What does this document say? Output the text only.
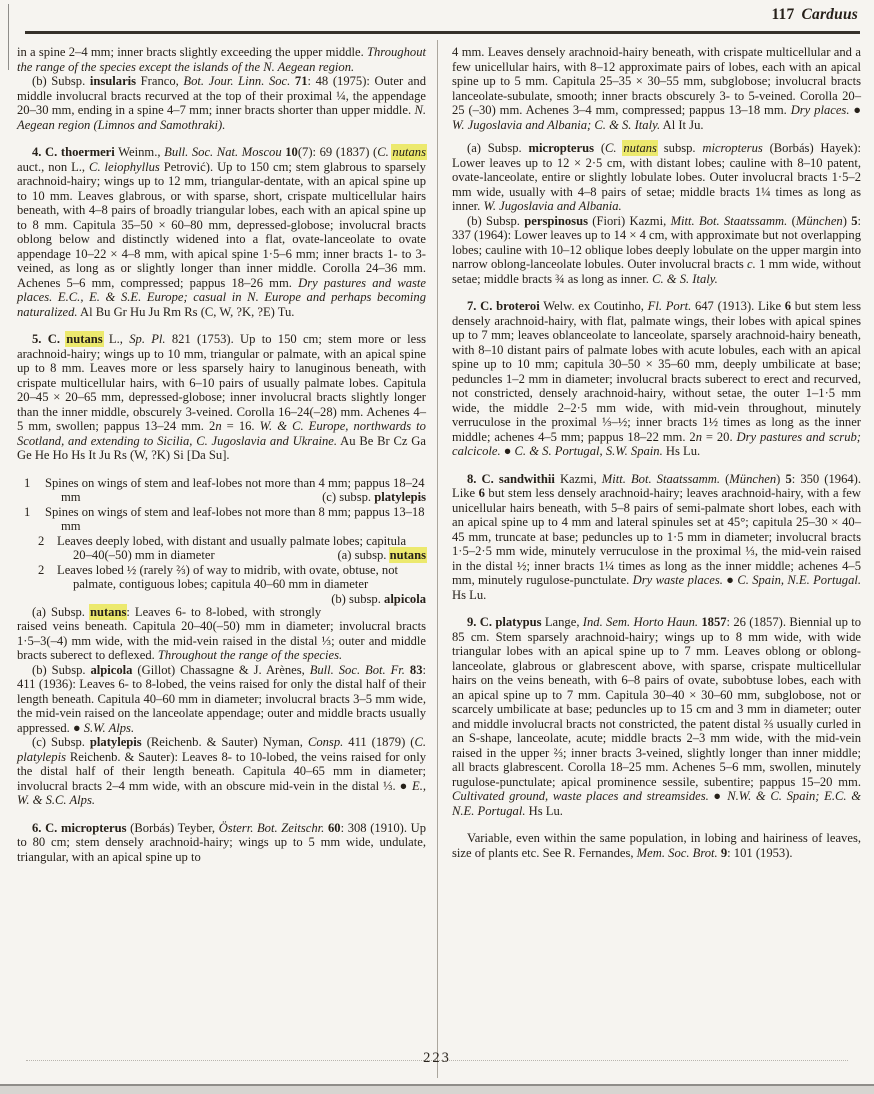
117 Carduus

in a spine 2–4 mm; inner bracts slightly exceeding the upper middle. Throughout the range of the species except the islands of the N. Aegean region.

(b) Subsp. insularis Franco, Bot. Jour. Linn. Soc. 71: 48 (1975): Outer and middle involucral bracts recurved at the top of their proximal ¼, the appendage 20–30 mm, ending in a spine 4–7 mm; inner bracts shorter than upper middle. N. Aegean region (Limnos and Samothraki).

4. C. thoermeri Weinm., Bull. Soc. Nat. Moscou 10(7): 69 (1837) (C. nutans auct., non L., C. leiophyllus Petrović). Up to 150 cm; stem glabrous to sparsely arachnoid-hairy; wings up to 12 mm, triangular-dentate, with an apical spine up to 10 mm. Leaves glabrous, or with sparse, short, crispate multicellular hairs beneath, with 4–8 pairs of broadly triangular lobes, each with an apical spine up to 8 mm. Capitula 35–50 × 60–80 mm, depressed-globose; involucral bracts oblong below and distinctly widened into a flat, ovate-lanceolate to ovate appendage 10–22 × 4–8 mm, with apical spine 1·5–6 mm; inner bracts 1- to 3-veined, as long as or slightly longer than inner middle. Corolla 24–36 mm. Achenes 5–6 mm, compressed; pappus 18–26 mm. Dry pastures and waste places. E.C., E. & S.E. Europe; casual in N. Europe and perhaps becoming naturalized. Al Bu Gr Hu Ju Rm Rs (C, W, ?K, ?E) Tu.

5. C. nutans L., Sp. Pl. 821 (1753). Up to 150 cm; stem more or less arachnoid-hairy; wings up to 10 mm, triangular or palmate, with an apical spine up to 8 mm. Leaves more or less sparsely hairy to lanuginous beneath, with crispate multicellular hairs, with 6–10 pairs of usually palmate lobes. Capitula 20–45 × 20–65 mm, depressed-globose; inner involucral bracts slightly longer than the inner middle, obscurely 3-veined. Corolla 16–24(–28) mm. Achenes 4–5 mm, swollen; pappus 13–24 mm. 2n = 16. W. & C. Europe, northwards to Scotland, and extending to Sicilia, C. Jugoslavia and Ukraine. Au Be Br Cz Ga Ge He Ho Hs It Ju Rs (W, ?K) Si [Da Su].

1 Spines on wings of stem and leaf-lobes not more than 4 mm; pappus 18–24 mm	(c) subsp. platylepis
1 Spines on wings of stem and leaf-lobes not more than 8 mm; pappus 13–18 mm
2 Leaves deeply lobed, with distant and usually palmate lobes; capitula 20–40(–50) mm in diameter	(a) subsp. nutans
2 Leaves lobed ½ (rarely ⅔) of way to midrib, with ovate, obtuse, not palmate, contiguous lobes; capitula 40–60 mm in diameter
(b) subsp. alpicola

(a) Subsp. nutans: Leaves 6- to 8-lobed, with strongly raised veins beneath. Capitula 20–40(–50) mm in diameter; involucral bracts 1·5–3(–4) mm wide, with the mid-vein raised in the distal ⅓; outer and middle bracts suberect to deflexed. Throughout the range of the species.

(b) Subsp. alpicola (Gillot) Chassagne & J. Arènes, Bull. Soc. Bot. Fr. 83: 411 (1936): Leaves 6- to 8-lobed, the veins raised for only the distal half of their length beneath. Capitula 40–60 mm in diameter; involucral bracts 3–5 mm wide, the mid-vein raised on the lanceolate appendage; outer and middle bracts usually appressed. ● S.W. Alps.

(c) Subsp. platylepis (Reichenb. & Sauter) Nyman, Consp. 411 (1879) (C. platylepis Reichenb. & Sauter): Leaves 8- to 10-lobed, the veins raised for only the distal half of their length beneath. Capitula 40–65 mm in diameter; involucral bracts 2–4 mm wide, with an obscure mid-vein in the distal ⅓. ● E., W. & S.C. Alps.

6. C. micropterus (Borbás) Teyber, Österr. Bot. Zeitschr. 60: 308 (1910). Up to 80 cm; stem densely arachnoid-hairy; wings up to 5 mm wide, undulate, triangular, with an apical spine up to

4 mm. Leaves densely arachnoid-hairy beneath, with crispate multicellular and a few unicellular hairs, with 8–12 approximate pairs of lobes, each with an apical spine up to 5 mm. Capitula 25–35 × 30–55 mm, subglobose; involucral bracts lanceolate-subulate, smooth; inner bracts obscurely 3- to 5-veined. Corolla 20–25 (–30) mm. Achenes 3–4 mm, compressed; pappus 13–18 mm. Dry places. ● W. Jugoslavia and Albania; C. & S. Italy. Al It Ju.

(a) Subsp. micropterus (C. nutans subsp. micropterus (Borbás) Hayek): Lower leaves up to 12 × 2·5 cm, with distant lobes; cauline with 8–10 patent, ovate-lanceolate, entire or slightly lobulate lobes. Outer involucral bracts 1·5–2 mm wide, usually with 4–8 pairs of setae; middle bracts 1¼ times as long as inner. W. Jugoslavia and Albania.

(b) Subsp. perspinosus (Fiori) Kazmi, Mitt. Bot. Staatssamm. (München) 5: 337 (1964): Lower leaves up to 14 × 4 cm, with approximate but not overlapping lobes; cauline with 10–12 oblique lobes deeply lobulate on the upper margin into narrow oblong-lanceolate lobules. Outer involucral bracts c. 1 mm wide, without setae; middle bracts ¾ as long as inner. C. & S. Italy.

7. C. broteroi Welw. ex Coutinho, Fl. Port. 647 (1913). Like 6 but stem less densely arachnoid-hairy, with flat, palmate wings, their lobes with apical spines up to 7 mm; leaves oblanceolate to lanceolate, sparsely arachnoid-hairy beneath, with 8–10 distant pairs of palmate lobes with acute lobules, each with an apical spine up to 10 mm; capitula 30–50 × 35–60 mm, deeply umbilicate at base; peduncles 1–2 mm in diameter; involucral bracts suberect to erect and recurved, not constricted, densely arachnoid-hairy, without setae, the outer 1–1·5 mm wide, the middle 2–2·5 mm wide, with mid-vein throughout, minutely verruculose in the proximal ⅓–½; inner bracts 1½ times as long as the inner middle; achenes 4–5 mm; pappus 18–22 mm. 2n = 20. Dry pastures and scrub; calcicole. ● C. & S. Portugal, S.W. Spain. Hs Lu.

8. C. sandwithii Kazmi, Mitt. Bot. Staatssamm. (München) 5: 350 (1964). Like 6 but stem less densely arachnoid-hairy; leaves arachnoid-hairy, with a few unicellular hairs beneath, with 5–8 pairs of semi-palmate short lobes, each with an apical spine up to 4 mm and lateral spinules set at 45°; capitula 25–30 × 40–45 mm, truncate at base; peduncles up to 1·5 mm in diameter; involucral bracts 1·5–2·5 mm wide, minutely verruculose in the proximal ⅓, the mid-vein raised in the distal ½; inner bracts 1¼ times as long as the inner middle; achenes 4–5 mm, minutely rugulose-punctulate. Dry waste places. ● C. Spain, N.E. Portugal. Hs Lu.

9. C. platypus Lange, Ind. Sem. Horto Haun. 1857: 26 (1857). Biennial up to 85 cm. Stem sparsely arachnoid-hairy; wings up to 8 mm wide, with wide triangular lobes with an apical spine up to 7 mm. Leaves oblong or oblong-lanceolate, glabrous or glabrescent above, with sparse, crispate multicellular hairs on the veins beneath, with 6–8 pairs of ovate, subobtuse lobes, each with an apical spine up to 7 mm. Capitula 30–40 × 30–60 mm, subglobose, not or scarcely umbilicate at base; peduncles up to 15 cm and 3 mm in diameter; outer and middle involucral bracts not constricted, the patent distal ⅔ usually curled in an S-shape, lanceolate, acute; middle bracts 2–3 mm wide, with the mid-vein raised in the upper ⅔; inner bracts 3-veined, slightly longer than inner middle; all bracts glabrescent. Corolla 18–25 mm. Achenes 5–6 mm, swollen, minutely rugulose-punctulate; apical prominence sessile, subentire; pappus 15–20 mm. Cultivated ground, waste places and streamsides. ● N.W. & C. Spain; E.C. & N.E. Portugal. Hs Lu.

Variable, even within the same population, in lobing and hairiness of leaves, size of plants etc. See R. Fernandes, Mem. Soc. Brot. 9: 101 (1953).

223
